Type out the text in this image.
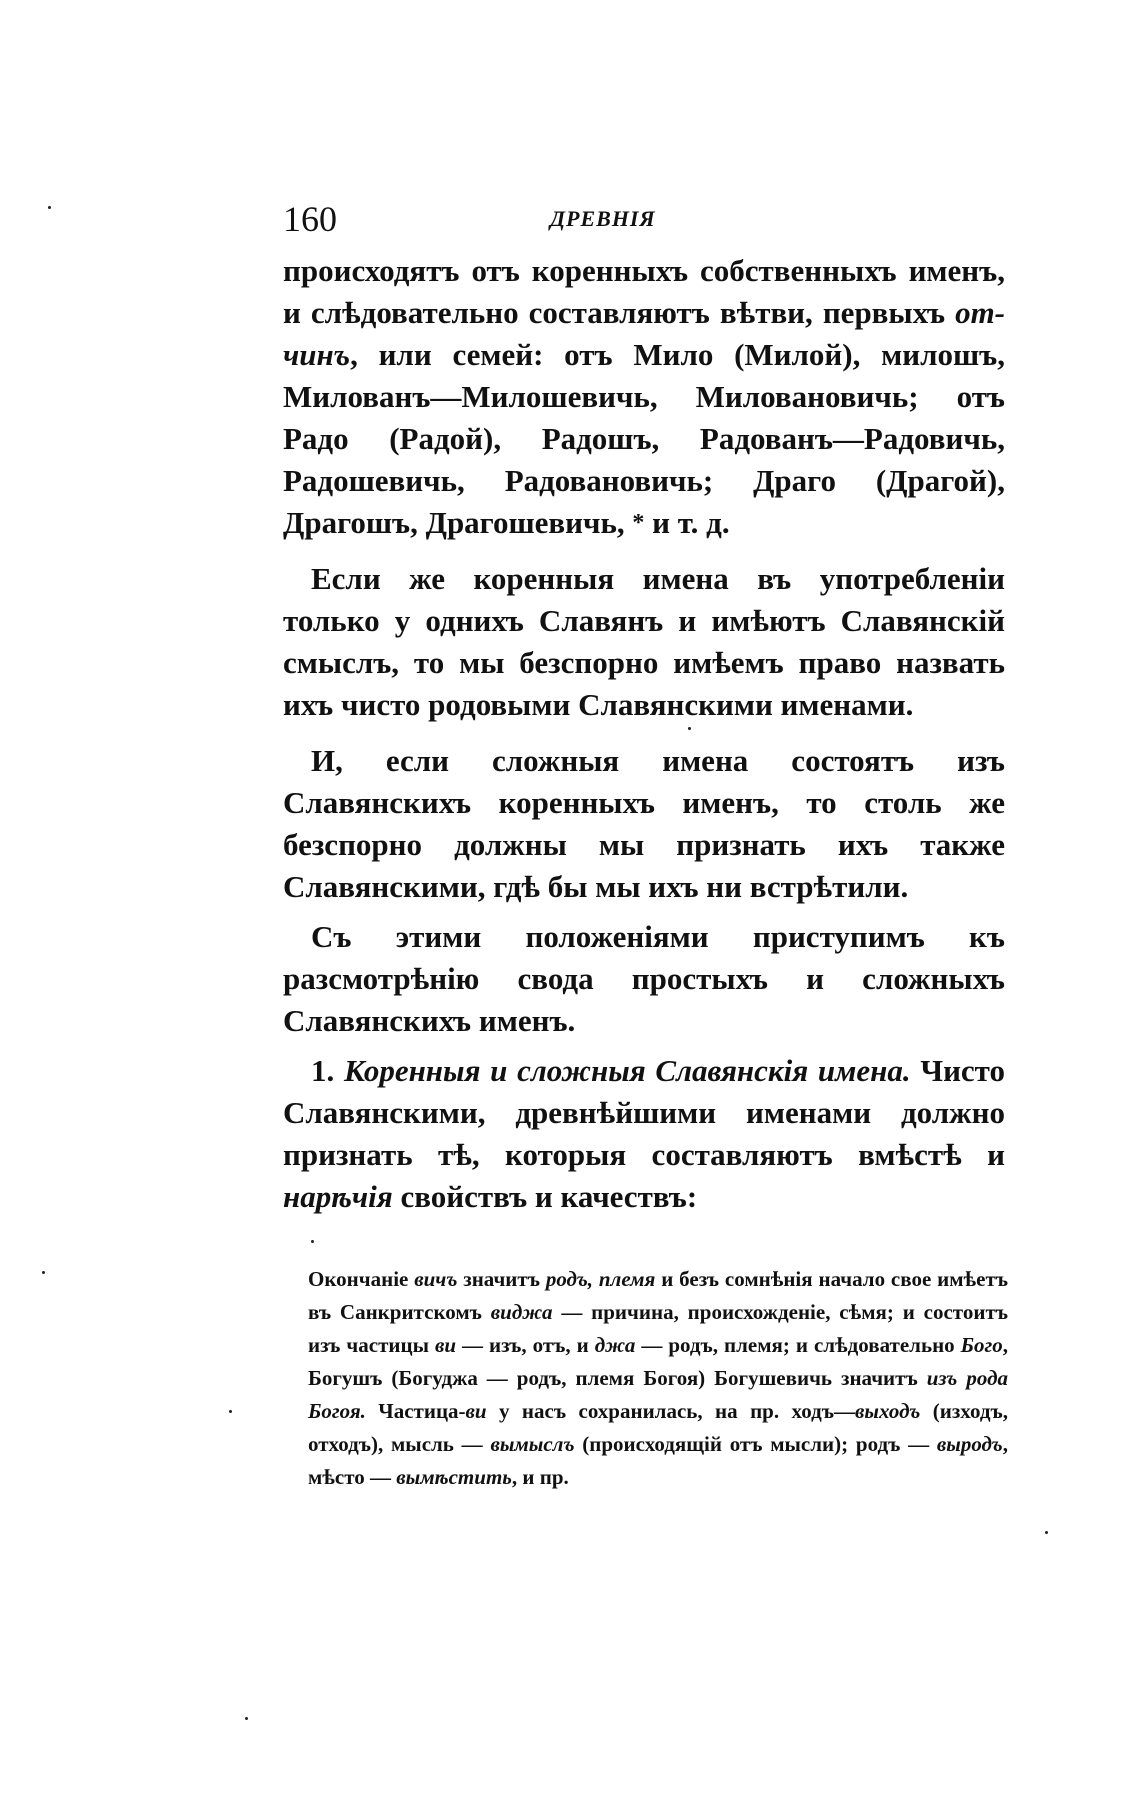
160	ДРЕВНІЯ

происходятъ отъ коренныхъ собственныхъ именъ, и слѣдовательно составляютъ вѣтви, первыхъ от-чинъ, или семей: отъ Мило (Милой), милошъ, Милованъ—Милошевичь, Миловановичь; отъ Радо (Радой), Радошъ, Радованъ—Радовичь, Радошевичь, Радовановичь; Драго (Драгой), Драгошъ, Драгошевичь, * и т. д.

Если же коренныя имена въ употребленіи только у однихъ Славянъ и имѣютъ Славянскій смыслъ, то мы безспорно имѣемъ право назвать ихъ чисто родовыми Славянскими именами.

И, если сложныя имена состоятъ изъ Славянскихъ коренныхъ именъ, то столь же безспорно должны мы признать ихъ также Славянскими, гдѣ бы мы ихъ ни встрѣтили.

Съ этими положеніями приступимъ къ разсмотрѣнію свода простыхъ и сложныхъ Славянскихъ именъ.

1. Коренныя и сложныя Славянскія имена. Чисто Славянскими, древнѣйшими именами должно признать тѣ, которыя составляютъ вмѣстѣ и нарѣчія свойствъ и качествъ:

Окончаніе вичъ значитъ родъ, племя и безъ сомнѣнія начало свое имѣетъ въ Санкритскомъ виджа — причина, происхожденіе, сѣмя; и состоитъ изъ частицы ви — изъ, отъ, и джа — родъ, племя; и слѣдовательно Бого, Богушъ (Богуджа — родъ, племя Богоя) Богушевичь значитъ изъ рода Богоя. Частица-ви у насъ сохранилась, на пр. ходъ—выходъ (изходъ, отходъ), мысль — вымыслъ (происходящій отъ мысли); родъ — выродъ, мѣсто — вымѣстить, и пр.
